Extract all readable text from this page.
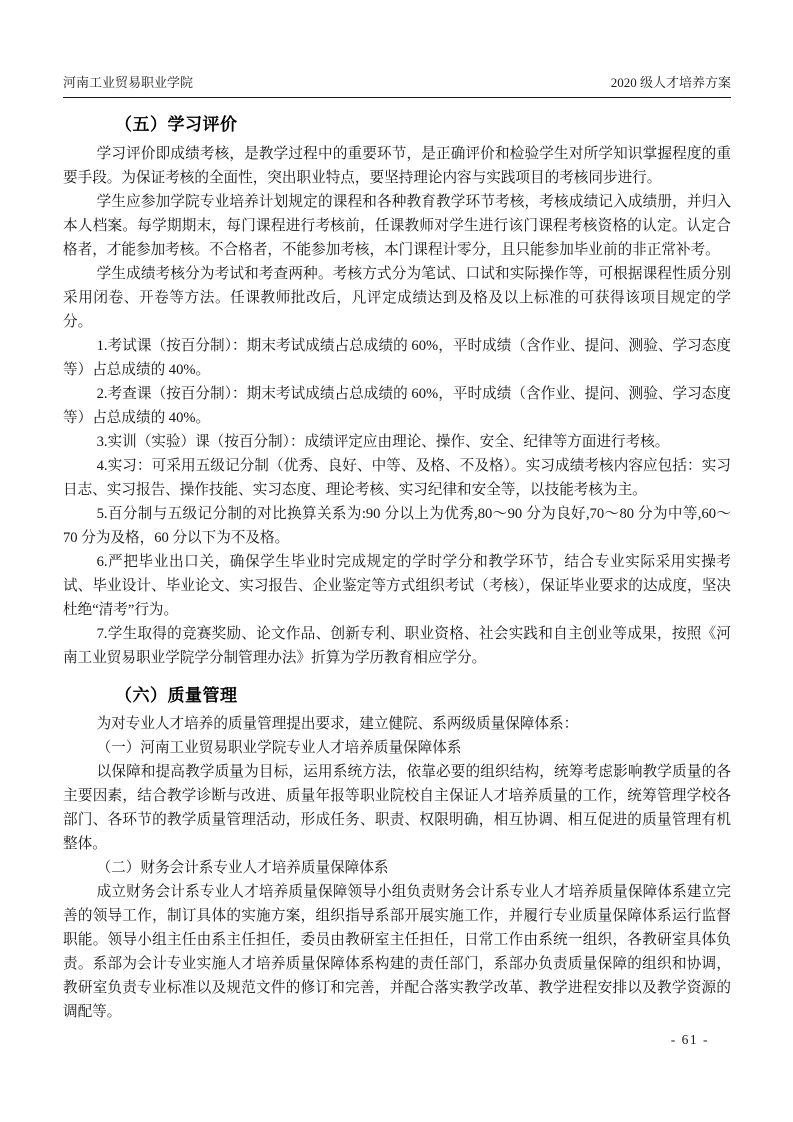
河南工业贸易职业学院	2020 级人才培养方案
（五）学习评价

学习评价即成绩考核，是教学过程中的重要环节，是正确评价和检验学生对所学知识掌握程度的重要手段。为保证考核的全面性，突出职业特点，要坚持理论内容与实践项目的考核同步进行。

学生应参加学院专业培养计划规定的课程和各种教育教学环节考核，考核成绩记入成绩册，并归入本人档案。每学期期末，每门课程进行考核前，任课教师对学生进行该门课程考核资格的认定。认定合格者，才能参加考核。不合格者，不能参加考核，本门课程计零分，且只能参加毕业前的非正常补考。

学生成绩考核分为考试和考查两种。考核方式分为笔试、口试和实际操作等，可根据课程性质分别采用闭卷、开卷等方法。任课教师批改后，凡评定成绩达到及格及以上标准的可获得该项目规定的学分。

1.考试课（按百分制）：期末考试成绩占总成绩的 60%，平时成绩（含作业、提问、测验、学习态度等）占总成绩的 40%。

2.考查课（按百分制）：期末考试成绩占总成绩的 60%，平时成绩（含作业、提问、测验、学习态度等）占总成绩的 40%。

3.实训（实验）课（按百分制）：成绩评定应由理论、操作、安全、纪律等方面进行考核。

4.实习：可采用五级记分制（优秀、良好、中等、及格、不及格）。实习成绩考核内容应包括：实习日志、实习报告、操作技能、实习态度、理论考核、实习纪律和安全等，以技能考核为主。

5.百分制与五级记分制的对比换算关系为:90 分以上为优秀,80～90 分为良好,70～80 分为中等,60～70 分为及格，60 分以下为不及格。

6.严把毕业出口关，确保学生毕业时完成规定的学时学分和教学环节，结合专业实际采用实操考试、毕业设计、毕业论文、实习报告、企业鉴定等方式组织考试（考核），保证毕业要求的达成度，坚决杜绝“清考”行为。

7.学生取得的竞赛奖励、论文作品、创新专利、职业资格、社会实践和自主创业等成果，按照《河南工业贸易职业学院学分制管理办法》折算为学历教育相应学分。

（六）质量管理

为对专业人才培养的质量管理提出要求，建立健院、系两级质量保障体系：

（一）河南工业贸易职业学院专业人才培养质量保障体系

以保障和提高教学质量为目标，运用系统方法，依靠必要的组织结构，统筹考虑影响教学质量的各主要因素，结合教学诊断与改进、质量年报等职业院校自主保证人才培养质量的工作，统筹管理学校各部门、各环节的教学质量管理活动，形成任务、职责、权限明确，相互协调、相互促进的质量管理有机整体。

（二）财务会计系专业人才培养质量保障体系

成立财务会计系专业人才培养质量保障领导小组负责财务会计系专业人才培养质量保障体系建立完善的领导工作，制订具体的实施方案，组织指导系部开展实施工作，并履行专业质量保障体系运行监督职能。领导小组主任由系主任担任，委员由教研室主任担任，日常工作由系统一组织，各教研室具体负责。系部为会计专业实施人才培养质量保障体系构建的责任部门，系部办负责质量保障的组织和协调，教研室负责专业标准以及规范文件的修订和完善，并配合落实教学改革、教学进程安排以及教学资源的调配等。

- 61 -
